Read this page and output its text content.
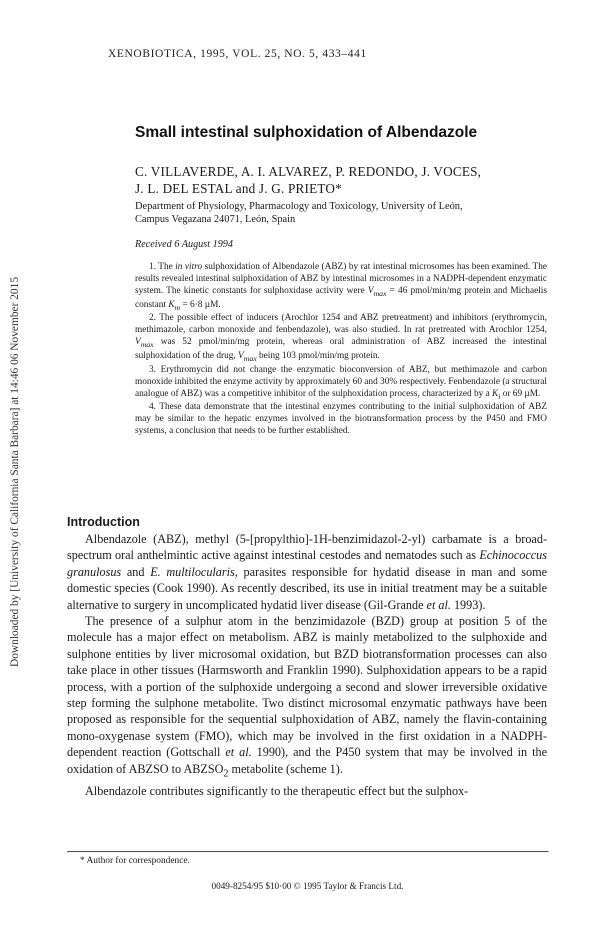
Downloaded by [University of California Santa Barbara] at 14:46 06 November 2015
XENOBIOTICA, 1995, VOL. 25, NO. 5, 433–441
Small intestinal sulphoxidation of Albendazole
C. VILLAVERDE, A. I. ALVAREZ, P. REDONDO, J. VOCES,
J. L. DEL ESTAL and J. G. PRIETO*
Department of Physiology, Pharmacology and Toxicology, University of León,
Campus Vegazana 24071, León, Spain
Received 6 August 1994

1. The in vitro sulphoxidation of Albendazole (ABZ) by rat intestinal microsomes has been examined. The results revealed intestinal sulphoxidation of ABZ by intestinal microsomes in a NADPH-dependent enzymatic system. The kinetic constants for sulphoxidase activity were $V_{max} = 46$ pmol/min/mg protein and Michaelis constant $K_m = 6\cdot 8$ µM.

2. The possible effect of inducers (Arochlor 1254 and ABZ pretreatment) and inhibitors (erythromycin, methimazole, carbon monoxide and fenbendazole), was also studied. In rat pretreated with Arochlor 1254, $V_{max}$ was 52 pmol/min/mg protein, whereas oral administration of ABZ increased the intestinal sulphoxidation of the drug, $V_{max}$ being 103 pmol/min/mg protein.

3. Erythromycin did not change the enzymatic bioconversion of ABZ, but methimazole and carbon monoxide inhibited the enzyme activity by approximately 60 and 30% respectively. Fenbendazole (a structural analogue of ABZ) was a competitive inhibitor of the sulphoxidation process, characterized by a $K_i$ or 69 µM.

4. These data demonstrate that the intestinal enzymes contributing to the initial sulphoxidation of ABZ may be similar to the hepatic enzymes involved in the biotransformation process by the P450 and FMO systems, a conclusion that needs to be further established.

Introduction

Albendazole (ABZ), methyl (5-[propylthio]-1H-benzimidazol-2-yl) carbamate is a broad-spectrum oral anthelmintic active against intestinal cestodes and nematodes such as Echinococcus granulosus and E. multilocularis, parasites responsible for hydatid disease in man and some domestic species (Cook 1990). As recently described, its use in initial treatment may be a suitable alternative to surgery in uncomplicated hydatid liver disease (Gil-Grande et al. 1993).

The presence of a sulphur atom in the benzimidazole (BZD) group at position 5 of the molecule has a major effect on metabolism. ABZ is mainly metabolized to the sulphoxide and sulphone entities by liver microsomal oxidation, but BZD biotransformation processes can also take place in other tissues (Harmsworth and Franklin 1990). Sulphoxidation appears to be a rapid process, with a portion of the sulphoxide undergoing a second and slower irreversible oxidative step forming the sulphone metabolite. Two distinct microsomal enzymatic pathways have been proposed as responsible for the sequential sulphoxidation of ABZ, namely the flavin-containing mono-oxygenase system (FMO), which may be involved in the first oxidation in a NADPH-dependent reaction (Gottschall et al. 1990), and the P450 system that may be involved in the oxidation of ABZSO to $ABZSO_2$ metabolite (scheme 1).

Albendazole contributes significantly to the therapeutic effect but the sulphox-

* Author for correspondence.
0049-8254/95 $10·00 © 1995 Taylor & Francis Ltd.
